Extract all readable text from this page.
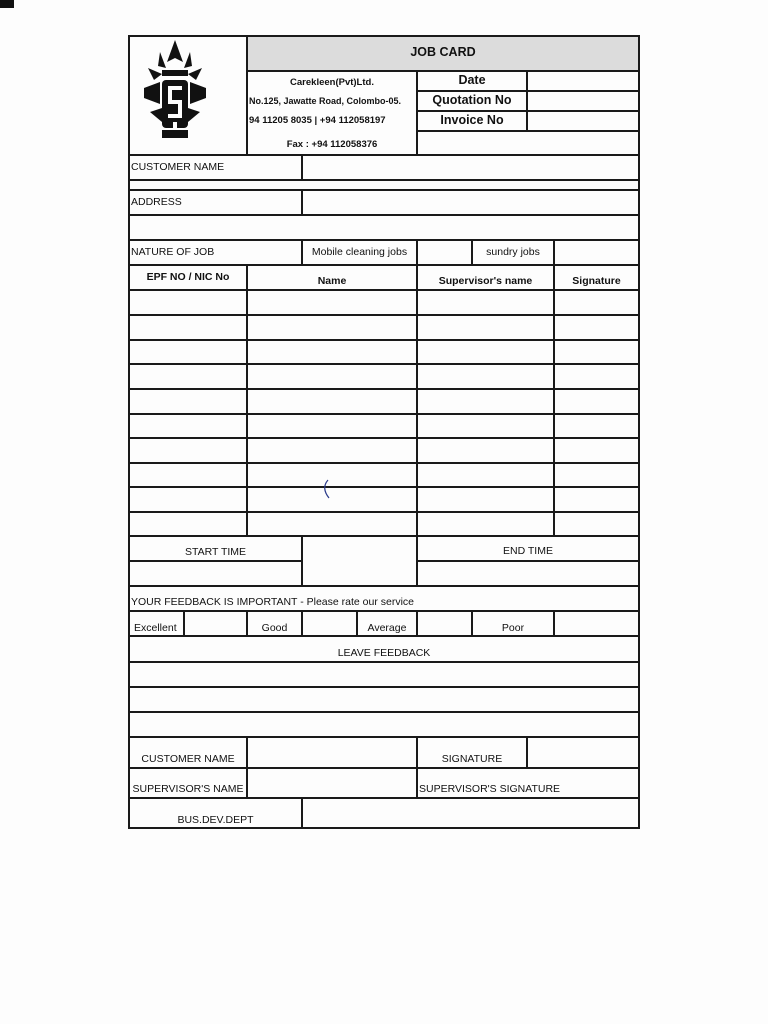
JOB CARD
Carekleen(Pvt)Ltd.
No.125, Jawatte Road, Colombo-05.
94 11205 8035 | +94 112058197
Fax : +94 112058376
Date
Quotation No
Invoice No
CUSTOMER NAME
ADDRESS
NATURE OF JOB	Mobile cleaning jobs	sundry jobs
EPF NO / NIC No	Name	Supervisor's name	Signature
START TIME	END TIME
YOUR FEEDBACK IS IMPORTANT - Please rate our service
Excellent	Good	Average	Poor
LEAVE FEEDBACK
CUSTOMER NAME	SIGNATURE
SUPERVISOR'S NAME	SUPERVISOR'S SIGNATURE
BUS.DEV.DEPT
